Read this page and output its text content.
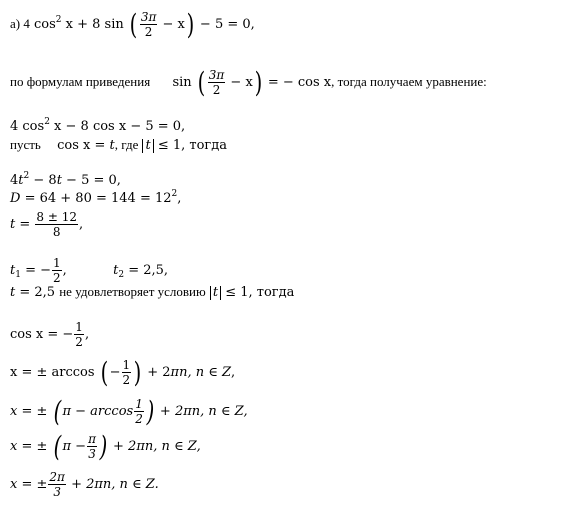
а) 4 $\cos^2 x + 8$ sin ( $\frac{3\pi}{2} - x) - 5 = 0$,
по формулам приведения sin ( $\frac{3\pi}{2} - x$) = − cos x, тогда получаем уравнение:
4 $\cos^2 x - 8$ cos x − 5 = 0,
пусть cos x = t, где t ≤ 1, тогда
$4t^2 - 8t - 5 = 0$,
$D = 64 + 80 = 144 = 12^2$,
$t = \frac{8 \pm 12}{8}$ ,
$t_1$ = − $\frac{1}{2}$ ,	$t_2 = 2,5$,
t = 2,5 не удовлетворяет условию t ≤ 1, тогда
cos x = − $\frac{1}{2}$ ,
x = ± arccos ( − $\frac{1}{2}$ ) + 2πn, n ∈ Z,
x = ± ( $\pi - \arccos \frac{1}{2}$ ) + 2πn, n ∈ Z,
x = ± ( $\pi - \frac{\pi}{3}$ ) + 2πn, n ∈ Z,
x = ± $\frac{2\pi}{3} + 2\pi n$, n ∈ Z.
